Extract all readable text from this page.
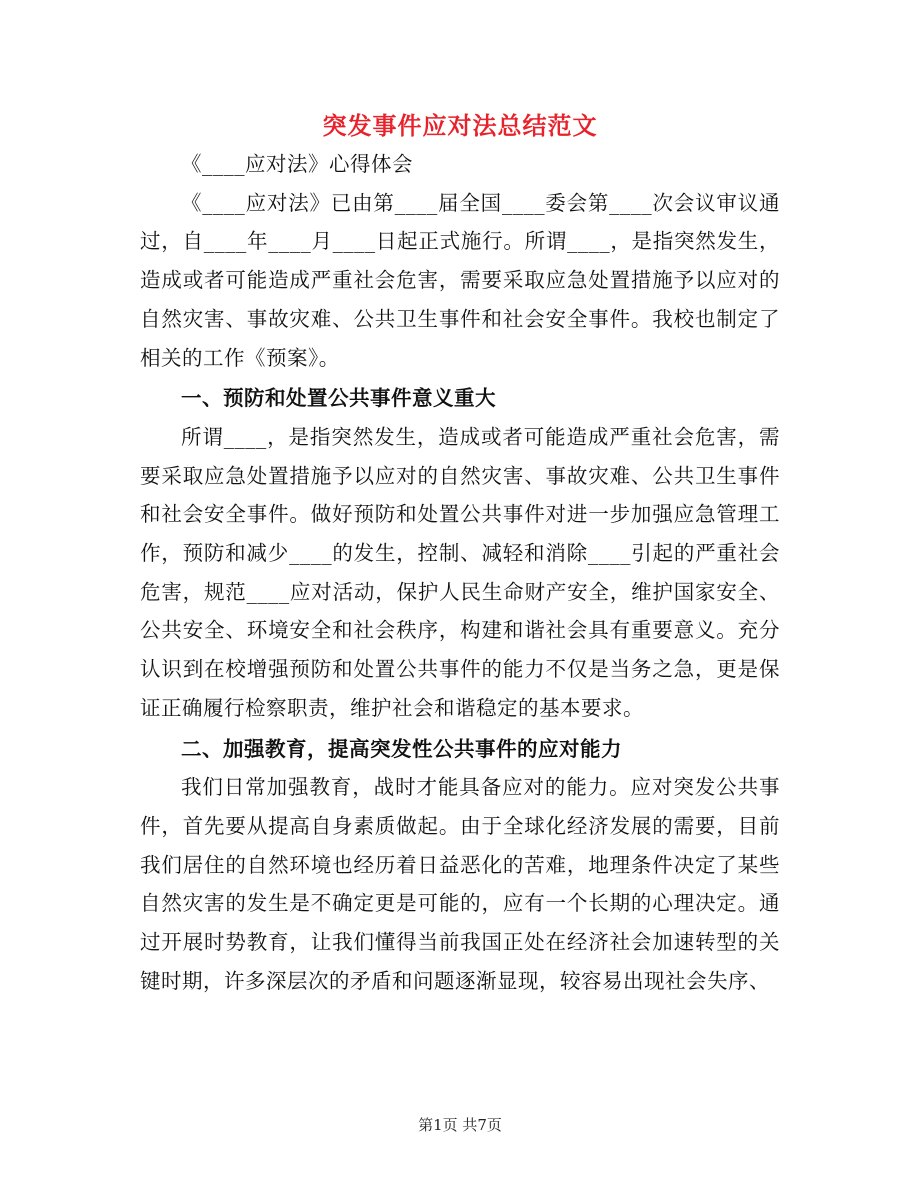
突发事件应对法总结范文

《____应对法》心得体会

《____应对法》已由第____届全国____委会第____次会议审议通过，自____年____月____日起正式施行。所谓____，是指突然发生，造成或者可能造成严重社会危害，需要采取应急处置措施予以应对的自然灾害、事故灾难、公共卫生事件和社会安全事件。我校也制定了相关的工作《预案》。

一、预防和处置公共事件意义重大

所谓____，是指突然发生，造成或者可能造成严重社会危害，需要采取应急处置措施予以应对的自然灾害、事故灾难、公共卫生事件和社会安全事件。做好预防和处置公共事件对进一步加强应急管理工作，预防和减少____的发生，控制、减轻和消除____引起的严重社会危害，规范____应对活动，保护人民生命财产安全，维护国家安全、公共安全、环境安全和社会秩序，构建和谐社会具有重要意义。充分认识到在校增强预防和处置公共事件的能力不仅是当务之急，更是保证正确履行检察职责，维护社会和谐稳定的基本要求。

二、加强教育，提高突发性公共事件的应对能力

我们日常加强教育，战时才能具备应对的能力。应对突发公共事件，首先要从提高自身素质做起。由于全球化经济发展的需要，目前我们居住的自然环境也经历着日益恶化的苦难，地理条件决定了某些自然灾害的发生是不确定更是可能的，应有一个长期的心理决定。通过开展时势教育，让我们懂得当前我国正处在经济社会加速转型的关键时期，许多深层次的矛盾和问题逐渐显现，较容易出现社会失序、

第1页 共7页
